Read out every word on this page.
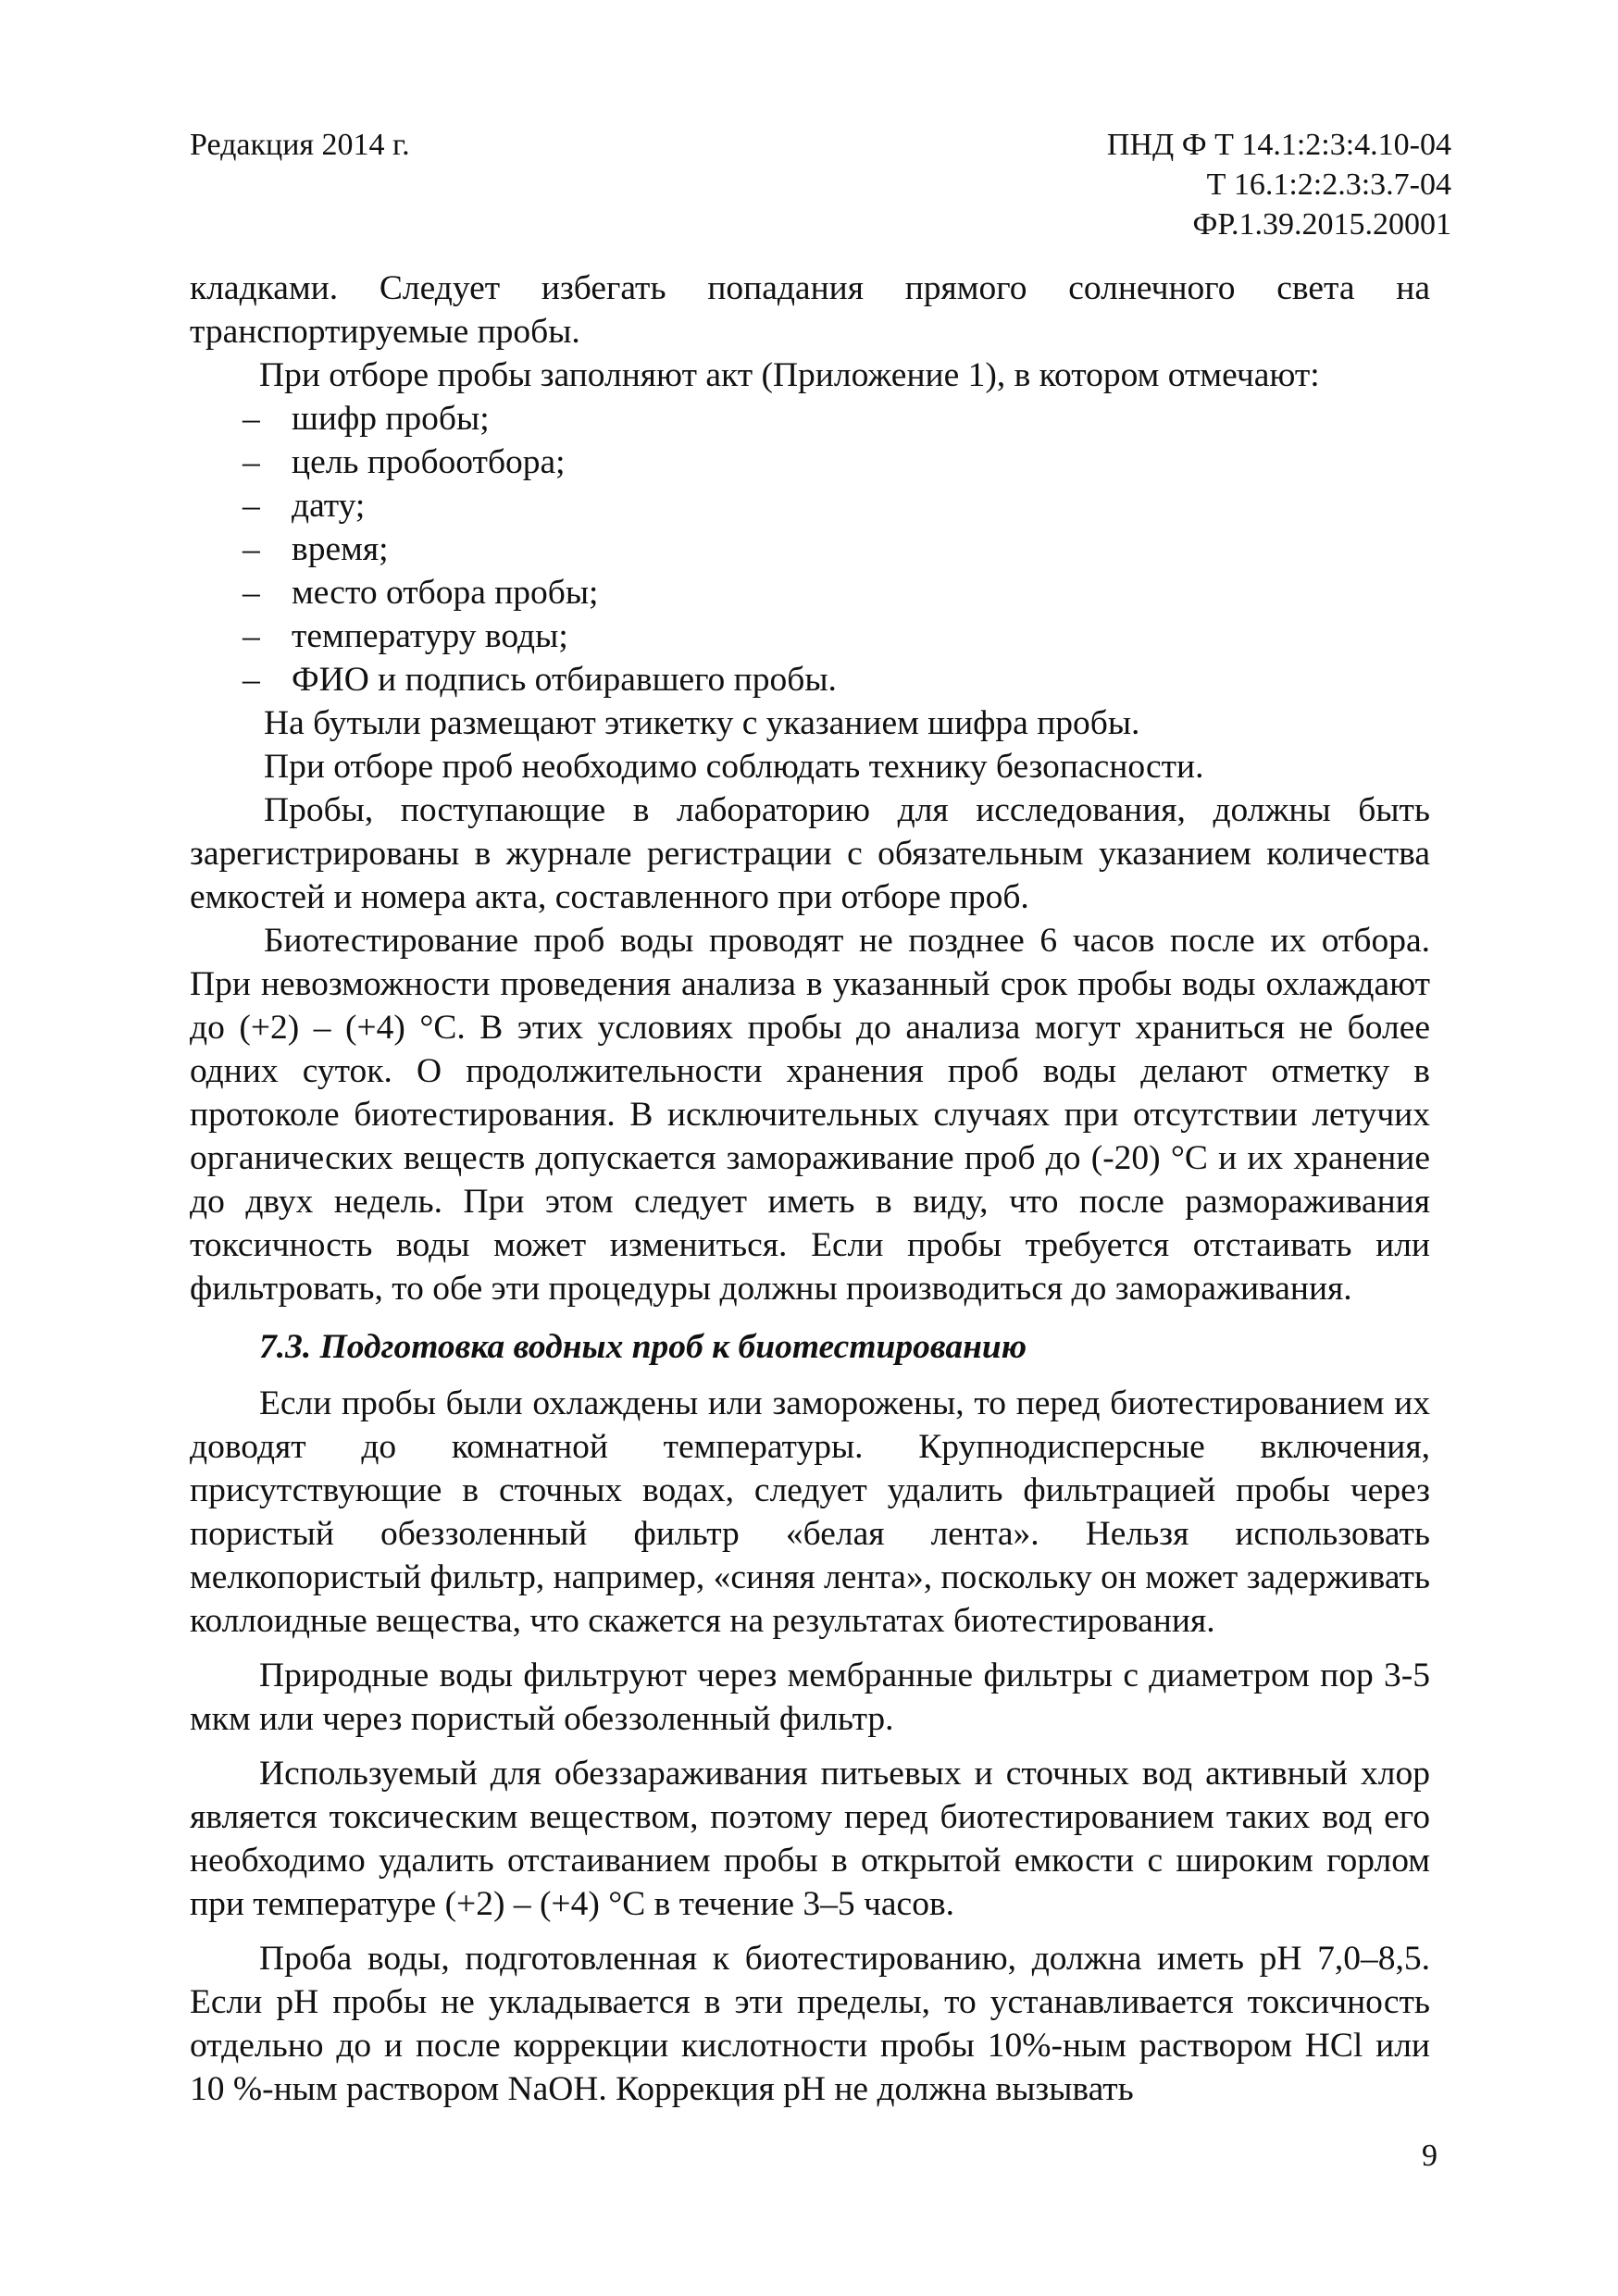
Редакция 2014 г.	ПНД Ф Т 14.1:2:3:4.10-04
Т 16.1:2:2.3:3.7-04
ФР.1.39.2015.20001

кладками. Следует избегать попадания прямого солнечного света на транспортируемые пробы.

При отборе пробы заполняют акт (Приложение 1), в котором отмечают:

– шифр пробы;
– цель пробоотбора;
– дату;
– время;
– место отбора пробы;
– температуру воды;
– ФИО и подпись отбиравшего пробы.

На бутыли размещают этикетку с указанием шифра пробы.

При отборе проб необходимо соблюдать технику безопасности.

Пробы, поступающие в лабораторию для исследования, должны быть зарегистрированы в журнале регистрации с обязательным указанием количества емкостей и номера акта, составленного при отборе проб.

Биотестирование проб воды проводят не позднее 6 часов после их отбора. При невозможности проведения анализа в указанный срок пробы воды охлаждают до (+2) – (+4) °С. В этих условиях пробы до анализа могут храниться не более одних суток. О продолжительности хранения проб воды делают отметку в протоколе биотестирования. В исключительных случаях при отсутствии летучих органических веществ допускается замораживание проб до (-20) °С и их хранение до двух недель. При этом следует иметь в виду, что после размораживания токсичность воды может измениться. Если пробы требуется отстаивать или фильтровать, то обе эти процедуры должны производиться до замораживания.

7.3. Подготовка водных проб к биотестированию

Если пробы были охлаждены или заморожены, то перед биотестированием их доводят до комнатной температуры. Крупнодисперсные включения, присутствующие в сточных водах, следует удалить фильтрацией пробы через пористый обеззоленный фильтр «белая лента». Нельзя использовать мелкопористый фильтр, например, «синяя лента», поскольку он может задерживать коллоидные вещества, что скажется на результатах биотестирования.

Природные воды фильтруют через мембранные фильтры с диаметром пор 3-5 мкм или через пористый обеззоленный фильтр.

Используемый для обеззараживания питьевых и сточных вод активный хлор является токсическим веществом, поэтому перед биотестированием таких вод его необходимо удалить отстаиванием пробы в открытой емкости с широким горлом при температуре (+2) – (+4) °С в течение 3–5 часов.

Проба воды, подготовленная к биотестированию, должна иметь рН 7,0–8,5. Если рН пробы не укладывается в эти пределы, то устанавливается токсичность отдельно до и после коррекции кислотности пробы 10%-ным раствором HCl или 10 %-ным раствором NaOH. Коррекция рН не должна вызывать

9
